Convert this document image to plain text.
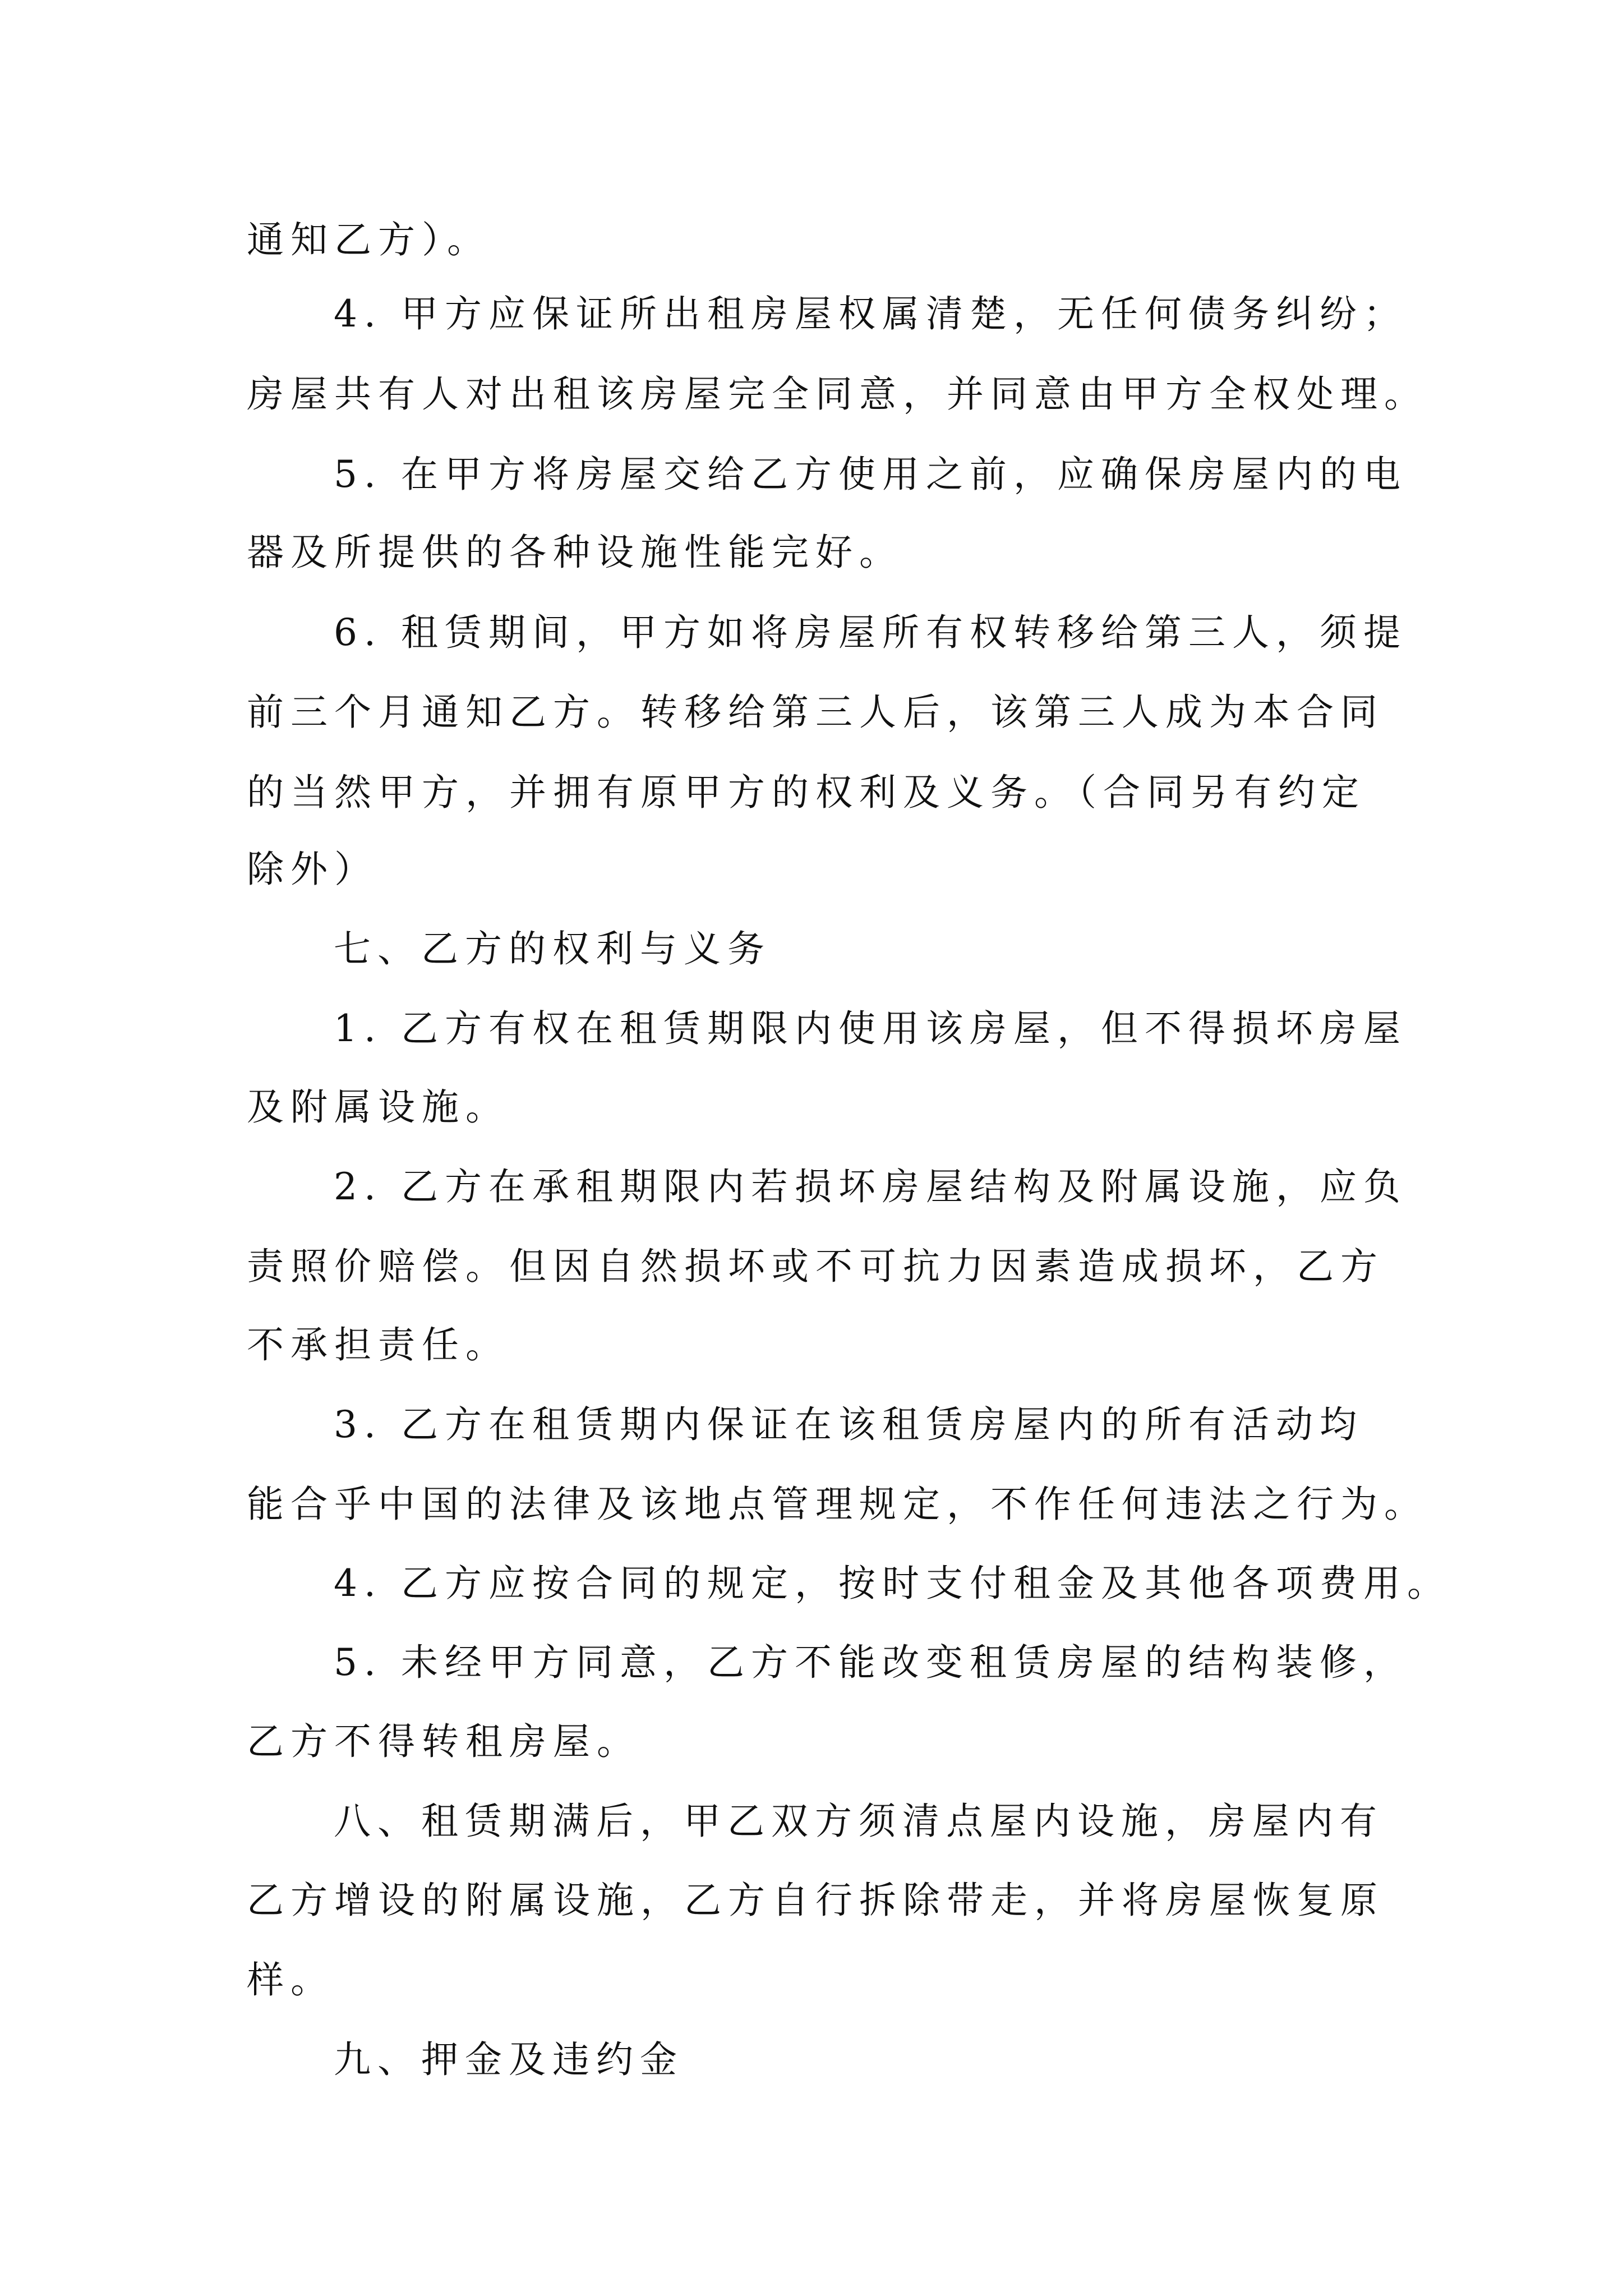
通知乙方）。
4. 甲方应保证所出租房屋权属清楚，无任何债务纠纷；
房屋共有人对出租该房屋完全同意，并同意由甲方全权处理。
5. 在甲方将房屋交给乙方使用之前，应确保房屋内的电
器及所提供的各种设施性能完好。
6. 租赁期间，甲方如将房屋所有权转移给第三人，须提
前三个月通知乙方。转移给第三人后，该第三人成为本合同
的当然甲方，并拥有原甲方的权利及义务。（合同另有约定
除外）
七、乙方的权利与义务
1. 乙方有权在租赁期限内使用该房屋，但不得损坏房屋
及附属设施。
2. 乙方在承租期限内若损坏房屋结构及附属设施，应负
责照价赔偿。但因自然损坏或不可抗力因素造成损坏，乙方
不承担责任。
3. 乙方在租赁期内保证在该租赁房屋内的所有活动均
能合乎中国的法律及该地点管理规定，不作任何违法之行为。
4. 乙方应按合同的规定，按时支付租金及其他各项费用。
5. 未经甲方同意，乙方不能改变租赁房屋的结构装修，
乙方不得转租房屋。
八、租赁期满后，甲乙双方须清点屋内设施，房屋内有
乙方增设的附属设施，乙方自行拆除带走，并将房屋恢复原
样。
九、押金及违约金
